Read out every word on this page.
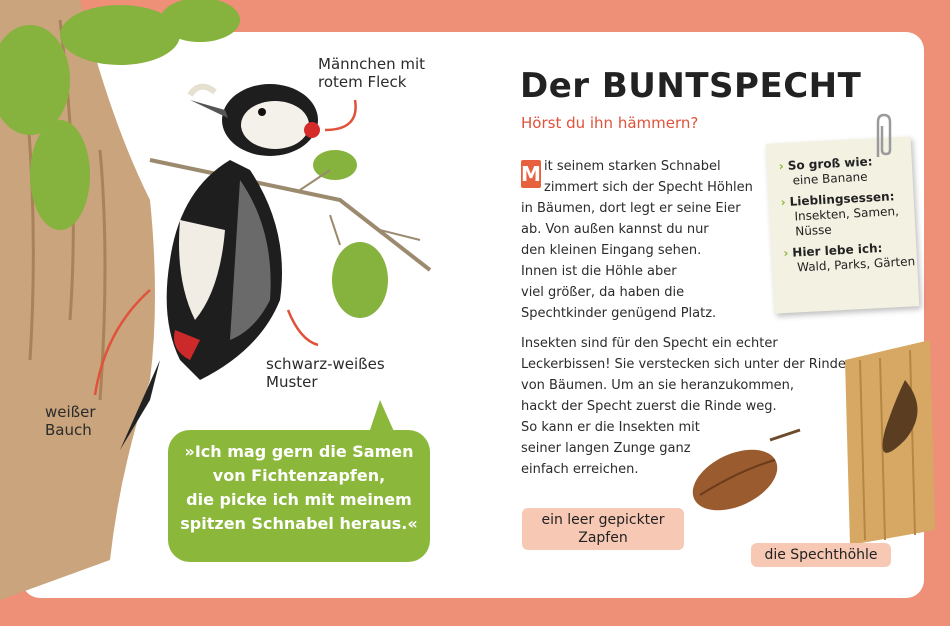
Männchen mit
rotem Fleck
schwarz-weißes
Muster
weißer
Bauch
»Ich mag gern die Samen
von Fichtenzapfen,
die picke ich mit meinem
spitzen Schnabel heraus.«
Der BUNTSPECHT
Hörst du ihn hämmern?
M it seinem starken Schnabel
zimmert sich der Specht Höhlen
in Bäumen, dort legt er seine Eier
ab. Von außen kannst du nur
den kleinen Eingang sehen.
Innen ist die Höhle aber
viel größer, da haben die
Spechtkinder genügend Platz.
Insekten sind für den Specht ein echter
Leckerbissen! Sie verstecken sich unter der Rinde
von Bäumen. Um an sie heranzukommen,
hackt der Specht zuerst die Rinde weg.
So kann er die Insekten mit
seiner langen Zunge ganz
einfach erreichen.
› So groß wie:
eine Banane
› Lieblingsessen:
Insekten, Samen,
Nüsse
› Hier lebe ich:
Wald, Parks, Gärten
ein leer gepickter
Zapfen
die Spechthöhle
